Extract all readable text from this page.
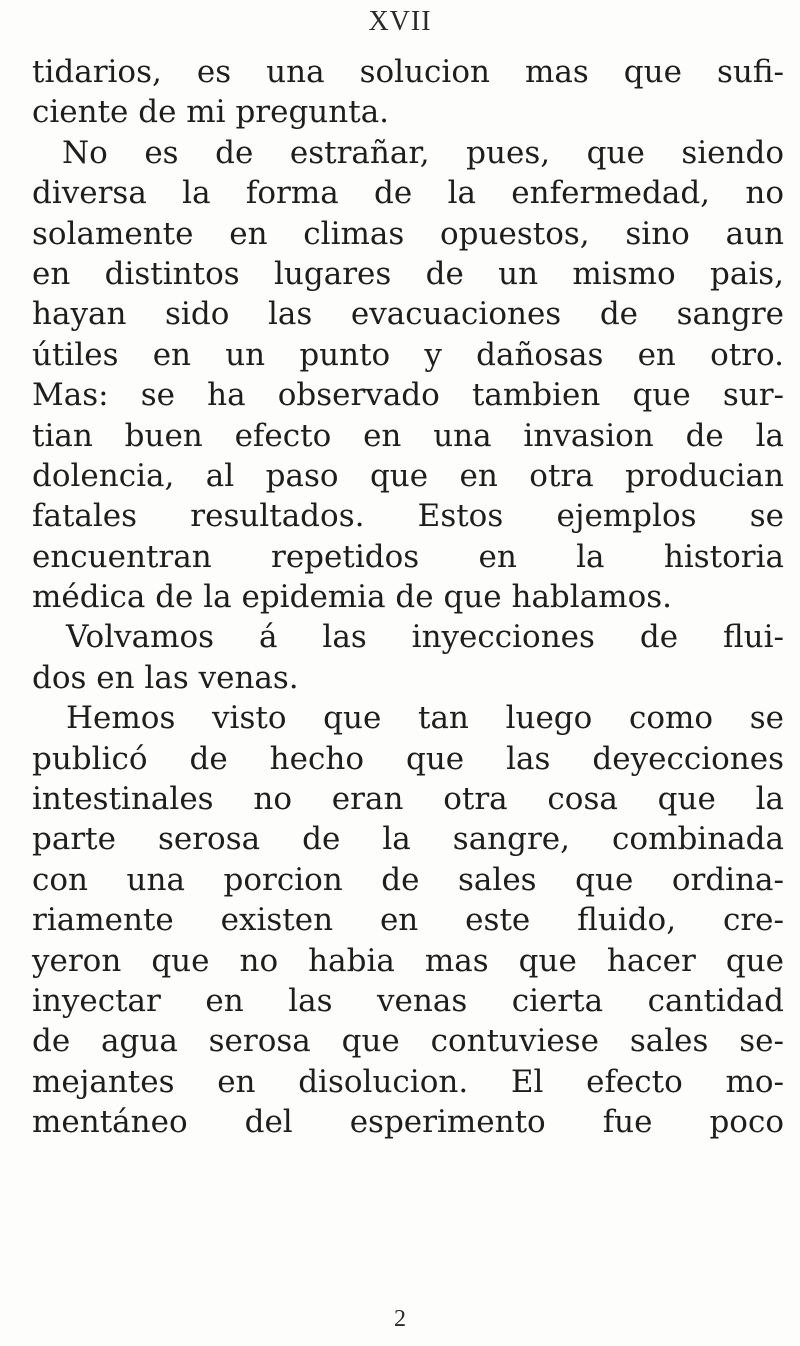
XVII
tidarios, es una solucion mas que sufi-
ciente de mi pregunta.
No es de estrañar, pues, que siendo
diversa la forma de la enfermedad, no
solamente en climas opuestos, sino aun
en distintos lugares de un mismo pais,
hayan sido las evacuaciones de sangre
útiles en un punto y dañosas en otro.
Mas: se ha observado tambien que sur-
tian buen efecto en una invasion de la
dolencia, al paso que en otra producian
fatales resultados. Estos ejemplos se
encuentran repetidos en la historia
médica de la epidemia de que hablamos.
Volvamos á las inyecciones de flui-
dos en las venas.
Hemos visto que tan luego como se
publicó de hecho que las deyecciones
intestinales no eran otra cosa que la
parte serosa de la sangre, combinada
con una porcion de sales que ordina-
riamente existen en este fluido, cre-
yeron que no habia mas que hacer que
inyectar en las venas cierta cantidad
de agua serosa que contuviese sales se-
mejantes en disolucion. El efecto mo-
mentáneo del esperimento fue poco
2
